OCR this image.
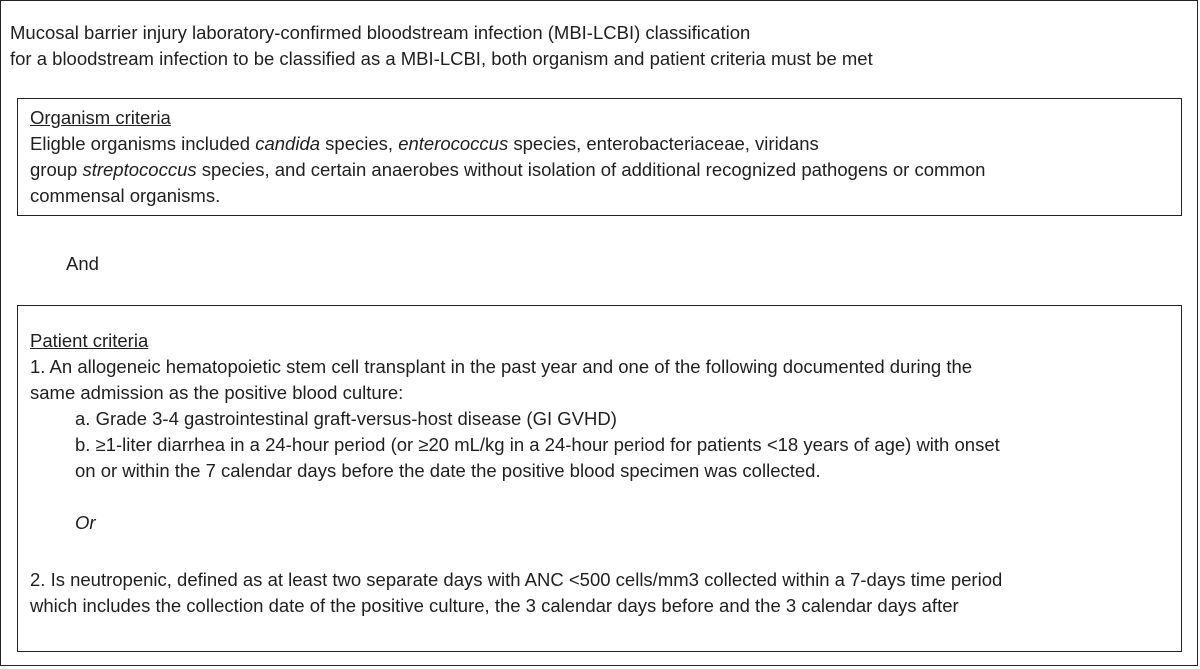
Mucosal barrier injury laboratory-confirmed bloodstream infection (MBI-LCBI) classification
for a bloodstream infection to be classified as a MBI-LCBI, both organism and patient criteria must be met
Organism criteria
Eligble organisms included candida species, enterococcus species, enterobacteriaceae, viridans
group streptococcus species, and certain anaerobes without isolation of additional recognized pathogens or common
commensal organisms.
And
Patient criteria
1. An allogeneic hematopoietic stem cell transplant in the past year and one of the following documented during the
same admission as the positive blood culture:
a. Grade 3-4 gastrointestinal graft-versus-host disease (GI GVHD)
b. ≥1-liter diarrhea in a 24-hour period (or ≥20 mL/kg in a 24-hour period for patients <18 years of age) with onset
on or within the 7 calendar days before the date the positive blood specimen was collected.
Or
2. Is neutropenic, defined as at least two separate days with ANC <500 cells/mm3 collected within a 7-days time period
which includes the collection date of the positive culture, the 3 calendar days before and the 3 calendar days after
